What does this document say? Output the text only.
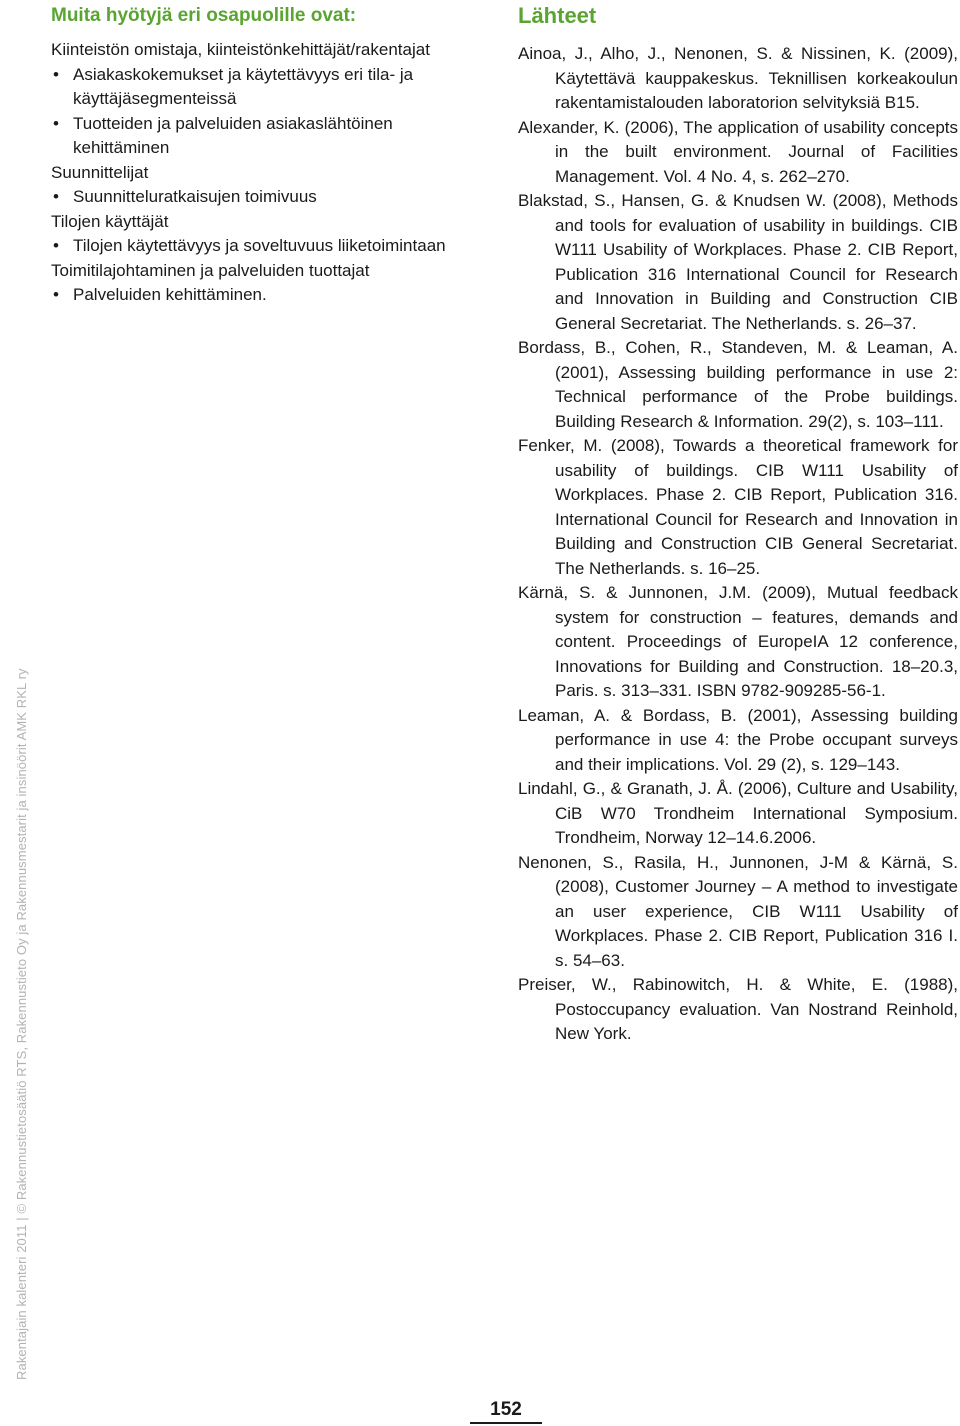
Rakentajain kalenteri 2011 | © Rakennustietosäätiö RTS, Rakennustieto Oy ja Rakennusmestarit ja insinöörit AMK RKL ry
Muita hyötyjä eri osapuolille ovat:
Kiinteistön omistaja, kiinteistönkehittäjät/rakentajat
• Asiakaskokemukset ja käytettävyys eri tila- ja käyttäjäsegmenteissä
• Tuotteiden ja palveluiden asiakaslähtöinen kehittäminen
Suunnittelijat
• Suunnitteluratkaisujen toimivuus
Tilojen käyttäjät
• Tilojen käytettävyys ja soveltuvuus liiketoimintaan
Toimitilajohtaminen ja palveluiden tuottajat
• Palveluiden kehittäminen.
Lähteet
Ainoa, J., Alho, J., Nenonen, S. & Nissinen, K. (2009), Käytettävä kauppakeskus. Teknillisen korkeakoulun rakentamistalouden laboratorion selvityksiä B15.
Alexander, K. (2006), The application of usability concepts in the built environment. Journal of Facilities Management. Vol. 4 No. 4, s. 262–270.
Blakstad, S., Hansen, G. & Knudsen W. (2008), Methods and tools for evaluation of usability in buildings. CIB W111 Usability of Workplaces. Phase 2. CIB Report, Publication 316 International Council for Research and Innovation in Building and Construction CIB General Secretariat. The Netherlands. s. 26–37.
Bordass, B., Cohen, R., Standeven, M. & Leaman, A. (2001), Assessing building performance in use 2: Technical performance of the Probe buildings. Building Research & Information. 29(2), s. 103–111.
Fenker, M. (2008), Towards a theoretical framework for usability of buildings. CIB W111 Usability of Workplaces. Phase 2. CIB Report, Publication 316. International Council for Research and Innovation in Building and Construction CIB General Secretariat. The Netherlands. s. 16–25.
Kärnä, S. & Junnonen, J.M. (2009), Mutual feedback system for construction – features, demands and content. Proceedings of EuropeIA 12 conference, Innovations for Building and Construction. 18–20.3, Paris. s. 313–331. ISBN 9782-909285-56-1.
Leaman, A. & Bordass, B. (2001), Assessing building performance in use 4: the Probe occupant surveys and their implications. Vol. 29 (2), s. 129–143.
Lindahl, G., & Granath, J. Å. (2006), Culture and Usability, CiB W70 Trondheim International Symposium. Trondheim, Norway 12–14.6.2006.
Nenonen, S., Rasila, H., Junnonen, J-M & Kärnä, S. (2008), Customer Journey – A method to investigate an user experience, CIB W111 Usability of Workplaces. Phase 2. CIB Report, Publication 316 I. s. 54–63.
Preiser, W., Rabinowitch, H. & White, E. (1988), Postoccupancy evaluation. Van Nostrand Reinhold, New York.
152
